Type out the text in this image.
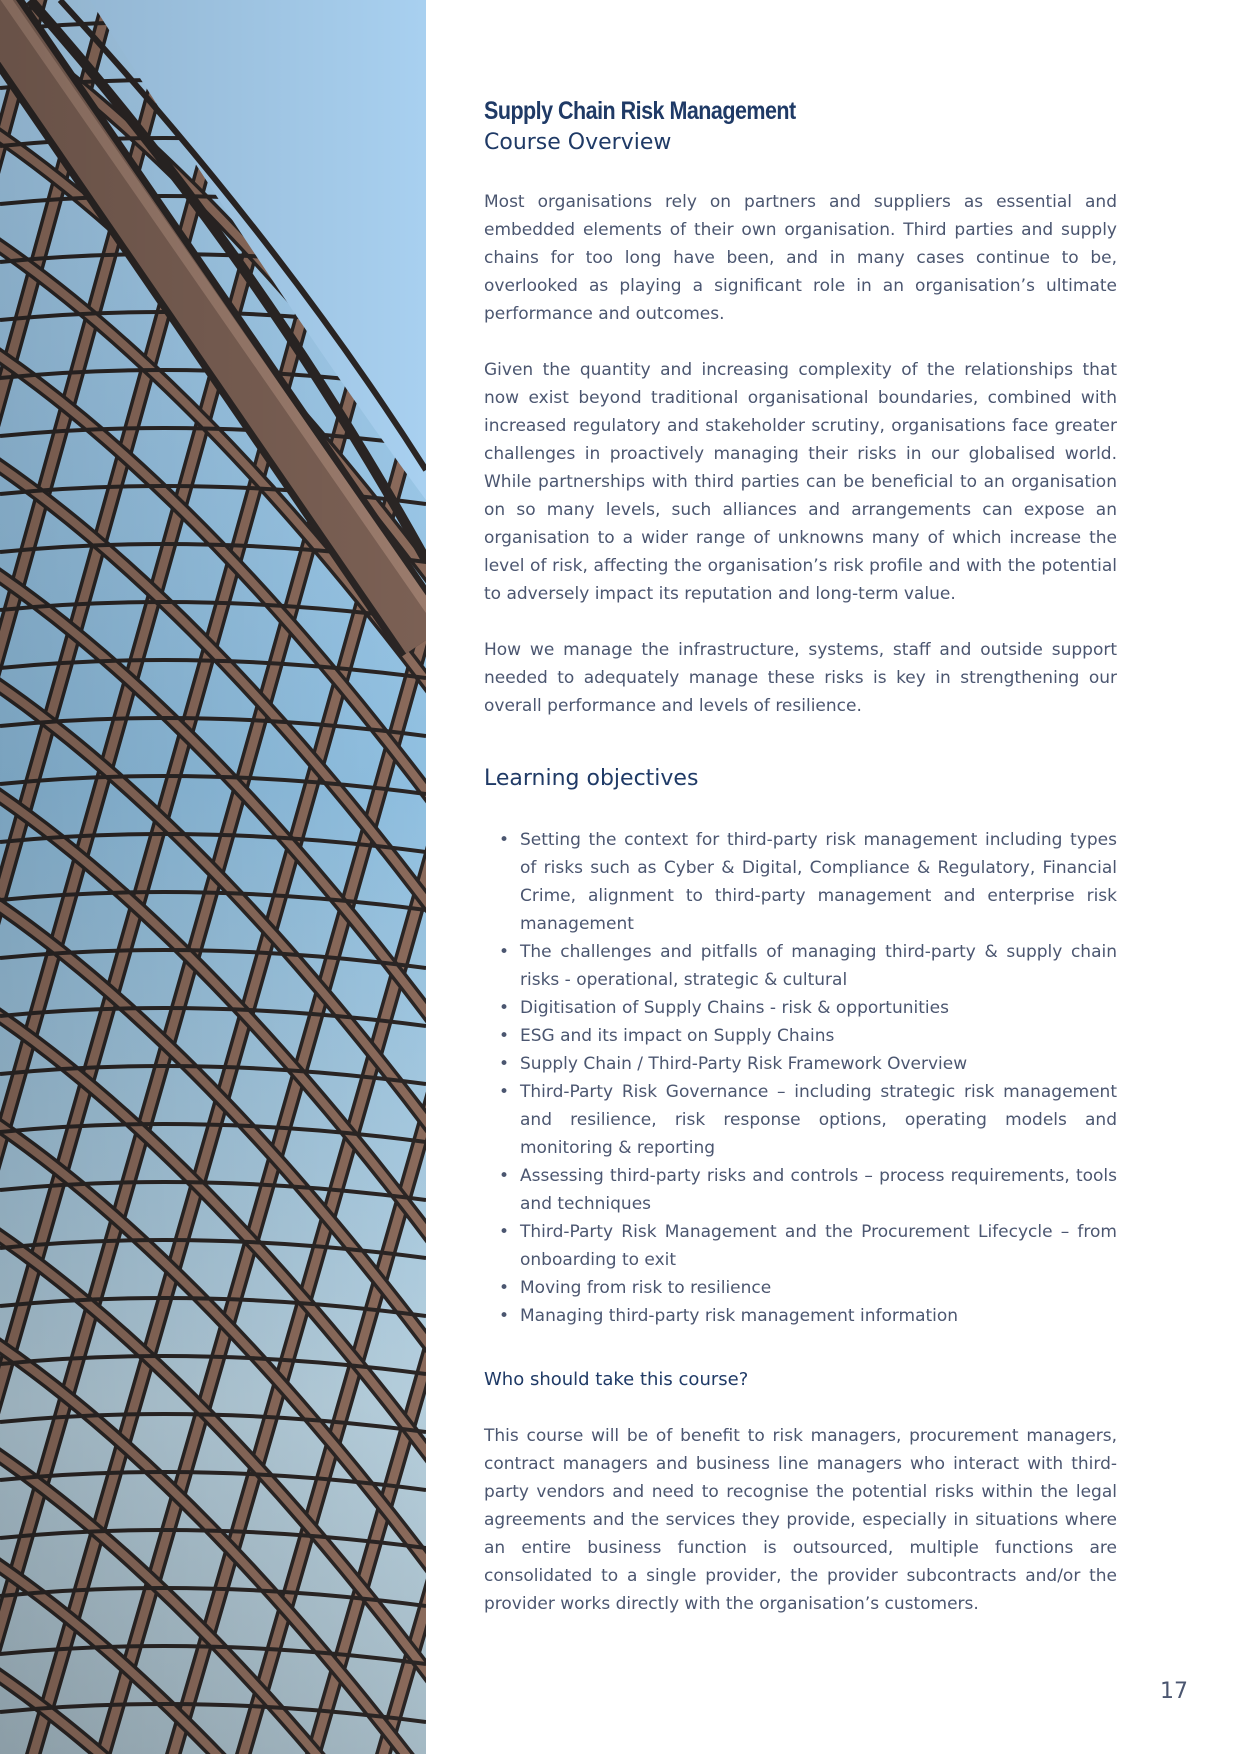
Supply Chain Risk Management
Course Overview

Most organisations rely on partners and suppliers as essential and embedded elements of their own organisation. Third parties and supply chains for too long have been, and in many cases continue to be, overlooked as playing a significant role in an organisation’s ultimate performance and outcomes.

Given the quantity and increasing complexity of the relationships that now exist beyond traditional organisational boundaries, combined with increased regulatory and stakeholder scrutiny, organisations face greater challenges in proactively managing their risks in our globalised world. While partnerships with third parties can be beneficial to an organisation on so many levels, such alliances and arrangements can expose an organisation to a wider range of unknowns many of which increase the level of risk, affecting the organisation’s risk profile and with the potential to adversely impact its reputation and long-term value.

How we manage the infrastructure, systems, staff and outside support needed to adequately manage these risks is key in strengthening our overall performance and levels of resilience.

Learning objectives
• Setting the context for third-party risk management including types of risks such as Cyber & Digital, Compliance & Regulatory, Financial Crime, alignment to third-party management and enterprise risk management
• The challenges and pitfalls of managing third-party & supply chain risks - operational, strategic & cultural
• Digitisation of Supply Chains - risk & opportunities
• ESG and its impact on Supply Chains
• Supply Chain / Third-Party Risk Framework Overview
• Third-Party Risk Governance – including strategic risk management and resilience, risk response options, operating models and monitoring & reporting
• Assessing third-party risks and controls – process requirements, tools and techniques
• Third-Party Risk Management and the Procurement Lifecycle – from onboarding to exit
• Moving from risk to resilience
• Managing third-party risk management information
Who should take this course?

This course will be of benefit to risk managers, procurement managers, contract managers and business line managers who interact with third-party vendors and need to recognise the potential risks within the legal agreements and the services they provide, especially in situations where an entire business function is outsourced, multiple functions are consolidated to a single provider, the provider subcontracts and/or the provider works directly with the organisation’s customers.

17
